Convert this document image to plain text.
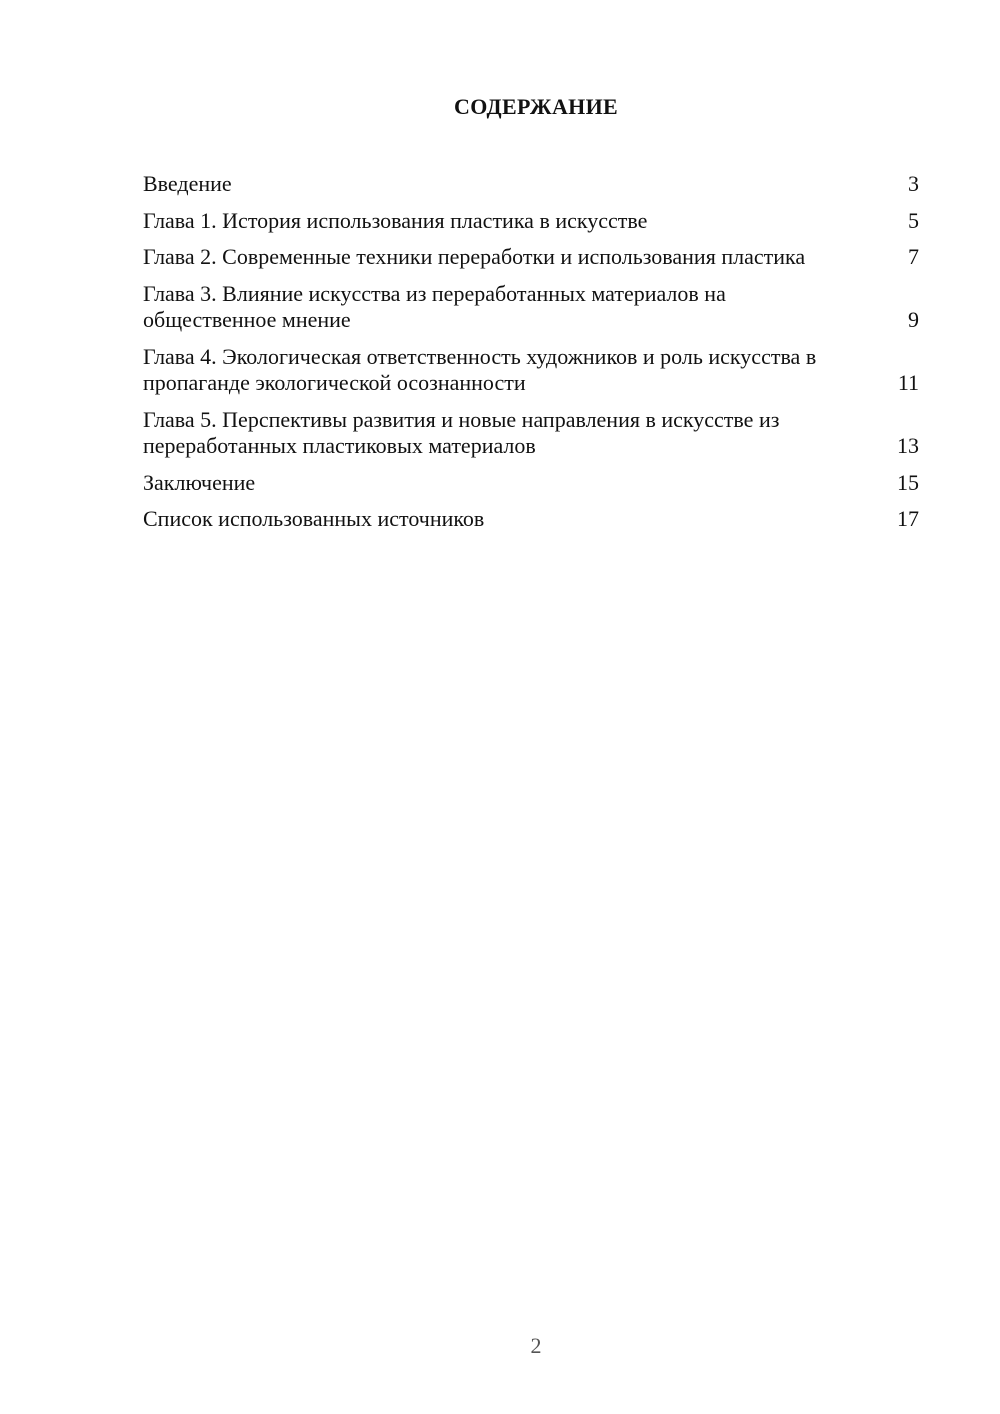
СОДЕРЖАНИЕ
Введение	3
Глава 1. История использования пластика в искусстве	5
Глава 2. Современные техники переработки и использования пластика	7
Глава 3. Влияние искусства из переработанных материалов на общественное мнение	9
Глава 4. Экологическая ответственность художников и роль искусства в пропаганде экологической осознанности	11
Глава 5. Перспективы развития и новые направления в искусстве из переработанных пластиковых материалов	13
Заключение	15
Список использованных источников	17
2
